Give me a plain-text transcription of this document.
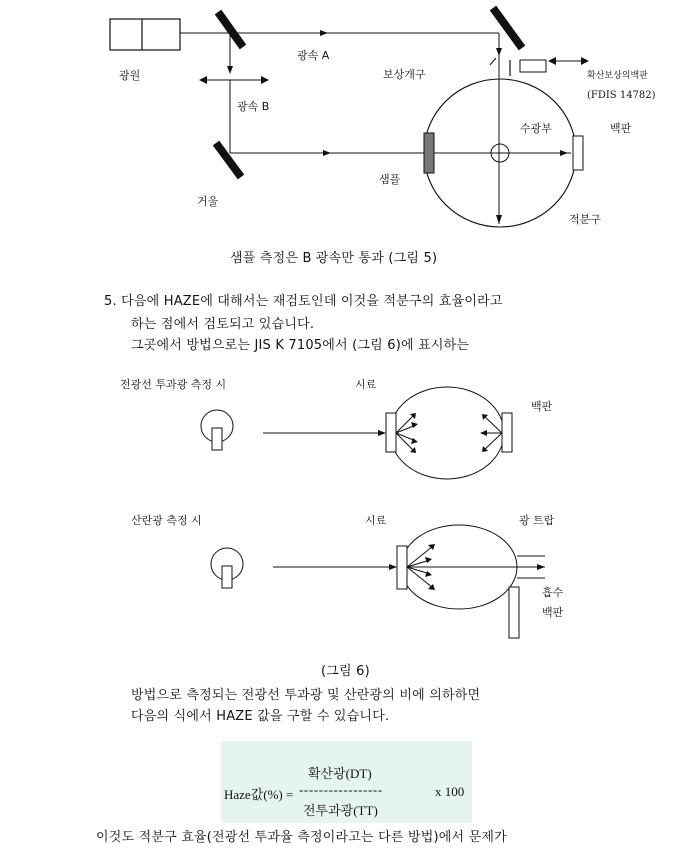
광원
광속 A
광속 B
보상개구	확산보상의백판
(FDIS 14782)
수광부	백판
거울
샘플
적분구
샘플 측정은 B 광속만 통과 (그림 5)
5. 다음에 HAZE에 대해서는 재검토인데 이것을 적분구의 효율이라고
하는 점에서 검토되고 있습니다.
그곳에서 방법으로는 JIS K 7105에서 (그림 6)에 표시하는
전광선 투과광 측정 시	시료
백판
산란광 측정 시	시료	광 트랍
흡수
백판
(그림 6)
방법으로 측정되는 전광선 투과광 및 산란광의 비에 의하하면
다음의 식에서 HAZE 값을 구할 수 있습니다.
확산광(DT)
Haze값(%) = -----------------	x 100
전투과광(TT)
이것도 적분구 효율(전광선 투과율 측정이라고는 다른 방법)에서 문제가
